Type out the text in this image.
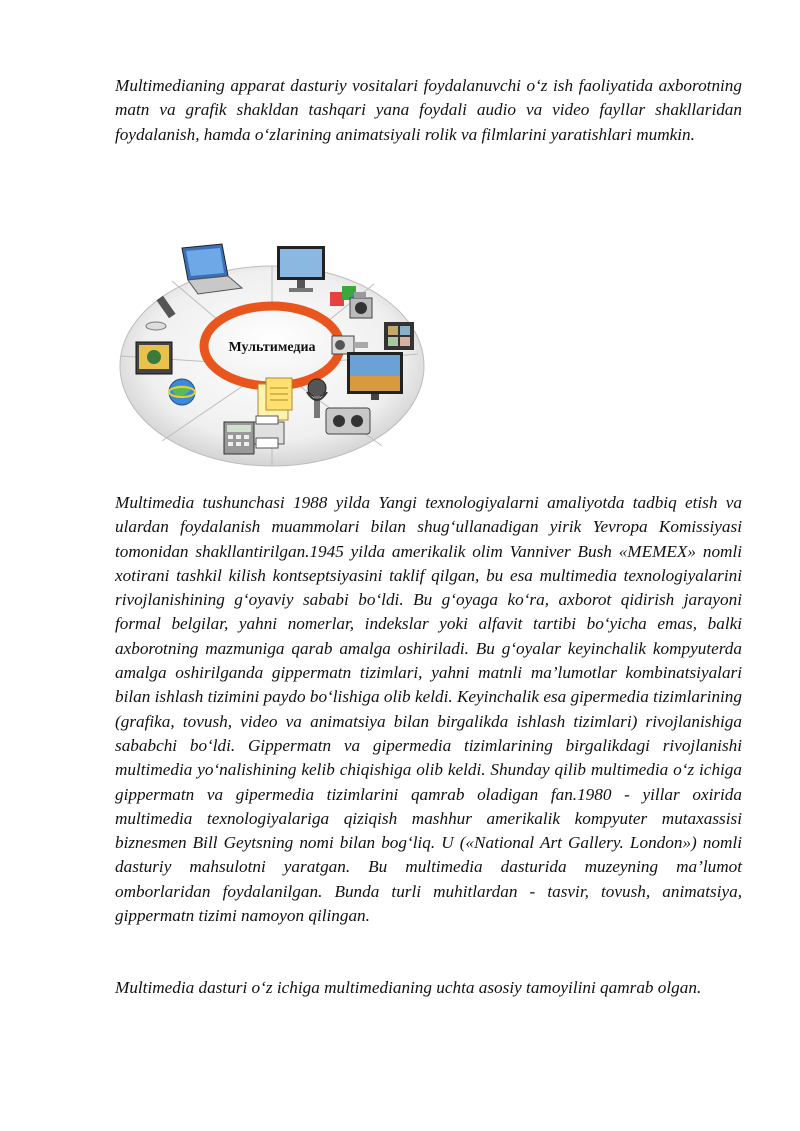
Multimedianing apparat dasturiy vositalari foydalanuvchi o‘z ish faoliyatida axborotning matn va grafik shakldan tashqari yana foydali audio va video fayllar shakllaridan foydalanish, hamda o‘zlarining animatsiyali rolik va filmlarini yaratishlari mumkin.

Мультимедиа

Multimedia tushunchasi 1988 yilda Yangi texnologiyalarni amaliyotda tadbiq etish va ulardan foydalanish muammolari bilan shug‘ullanadigan yirik Yevropa Komissiyasi tomonidan shakllantirilgan.1945 yilda amerikalik olim Vanniver Bush «MEMEX» nomli xotirani tashkil kilish kontseptsiyasini taklif qilgan, bu esa multimedia texnologiyalarini rivojlanishining g‘oyaviy sababi bo‘ldi. Bu g‘oyaga ko‘ra, axborot qidirish jarayoni formal belgilar, yahni nomerlar, indekslar yoki alfavit tartibi bo‘yicha emas, balki axborotning mazmuniga qarab amalga oshiriladi. Bu g‘oyalar keyinchalik kompyuterda amalga oshirilganda gippermatn tizimlari, yahni matnli ma’lumotlar kombinatsiyalari bilan ishlash tizimini paydo bo‘lishiga olib keldi. Keyinchalik esa gipermedia tizimlarining (grafika, tovush, video va animatsiya bilan birgalikda ishlash tizimlari) rivojlanishiga sababchi bo‘ldi. Gippermatn va gipermedia tizimlarining birgalikdagi rivojlanishi multimedia yo‘nalishining kelib chiqishiga olib keldi. Shunday qilib multimedia o‘z ichiga gippermatn va gipermedia tizimlarini qamrab oladigan fan.1980 - yillar oxirida multimedia texnologiyalariga qiziqish mashhur amerikalik kompyuter mutaxassisi biznesmen Bill Geytsning nomi bilan bog‘liq. U («National Art Gallery. London») nomli dasturiy mahsulotni yaratgan. Bu multimedia dasturida muzeyning ma’lumot omborlaridan foydalanilgan. Bunda turli muhitlardan - tasvir, tovush, animatsiya, gippermatn tizimi namoyon qilingan.

Multimedia dasturi o‘z ichiga multimedianing uchta asosiy tamoyilini qamrab olgan.
